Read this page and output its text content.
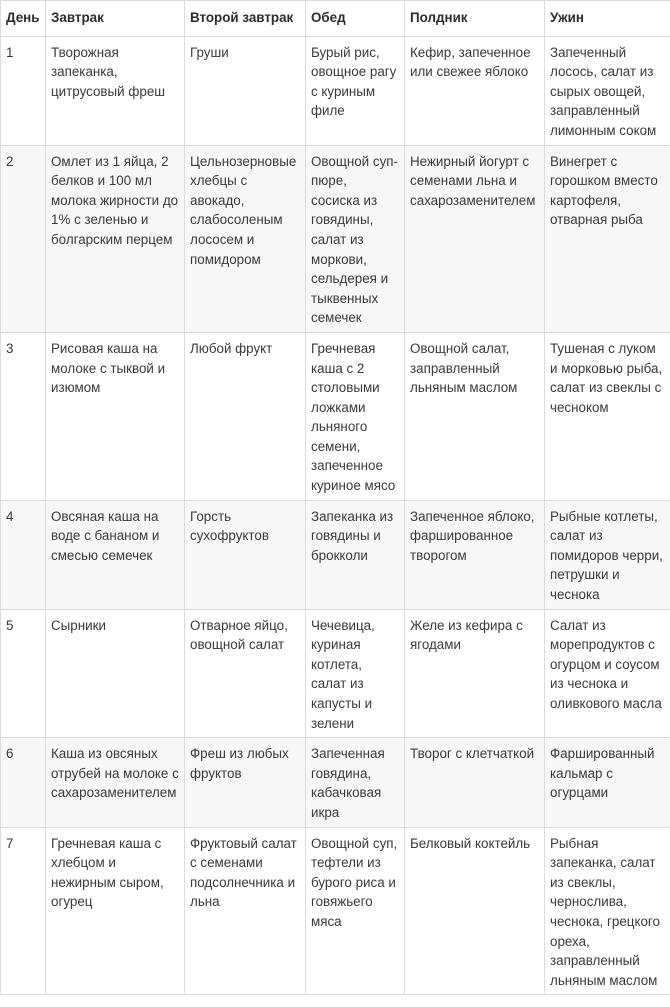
День	Завтрак	Второй завтрак	Обед	Полдник	Ужин
1	Творожная запеканка, цитрусовый фреш	Груши	Бурый рис, овощное рагу с куриным филе	Кефир, запеченное или свежее яблоко	Запеченный лосось, салат из сырых овощей, заправленный лимонным соком
2	Омлет из 1 яйца, 2 белков и 100 мл молока жирности до 1% с зеленью и болгарским перцем	Цельнозерновые хлебцы с авокадо, слабосоленым лососем и помидором	Овощной суп-пюре, сосиска из говядины, салат из моркови, сельдерея и тыквенных семечек	Нежирный йогурт с семенами льна и сахарозаменителем	Винегрет с горошком вместо картофеля, отварная рыба
3	Рисовая каша на молоке с тыквой и изюмом	Любой фрукт	Гречневая каша с 2 столовыми ложками льняного семени, запеченное куриное мясо	Овощной салат, заправленный льняным маслом	Тушеная с луком и морковью рыба, салат из свеклы с чесноком
4	Овсяная каша на воде с бананом и смесью семечек	Горсть сухофруктов	Запеканка из говядины и брокколи	Запеченное яблоко, фаршированное творогом	Рыбные котлеты, салат из помидоров черри, петрушки и чеснока
5	Сырники	Отварное яйцо, овощной салат	Чечевица, куриная котлета, салат из капусты и зелени	Желе из кефира с ягодами	Салат из морепродуктов с огурцом и соусом из чеснока и оливкового масла
6	Каша из овсяных отрубей на молоке с сахарозаменителем	Фреш из любых фруктов	Запеченная говядина, кабачковая икра	Творог с клетчаткой	Фаршированный кальмар с огурцами
7	Гречневая каша с хлебцом и нежирным сыром, огурец	Фруктовый салат с семенами подсолнечника и льна	Овощной суп, тефтели из бурого риса и говяжьего мяса	Белковый коктейль	Рыбная запеканка, салат из свеклы, чернослива, чеснока, грецкого ореха, заправленный льняным маслом
